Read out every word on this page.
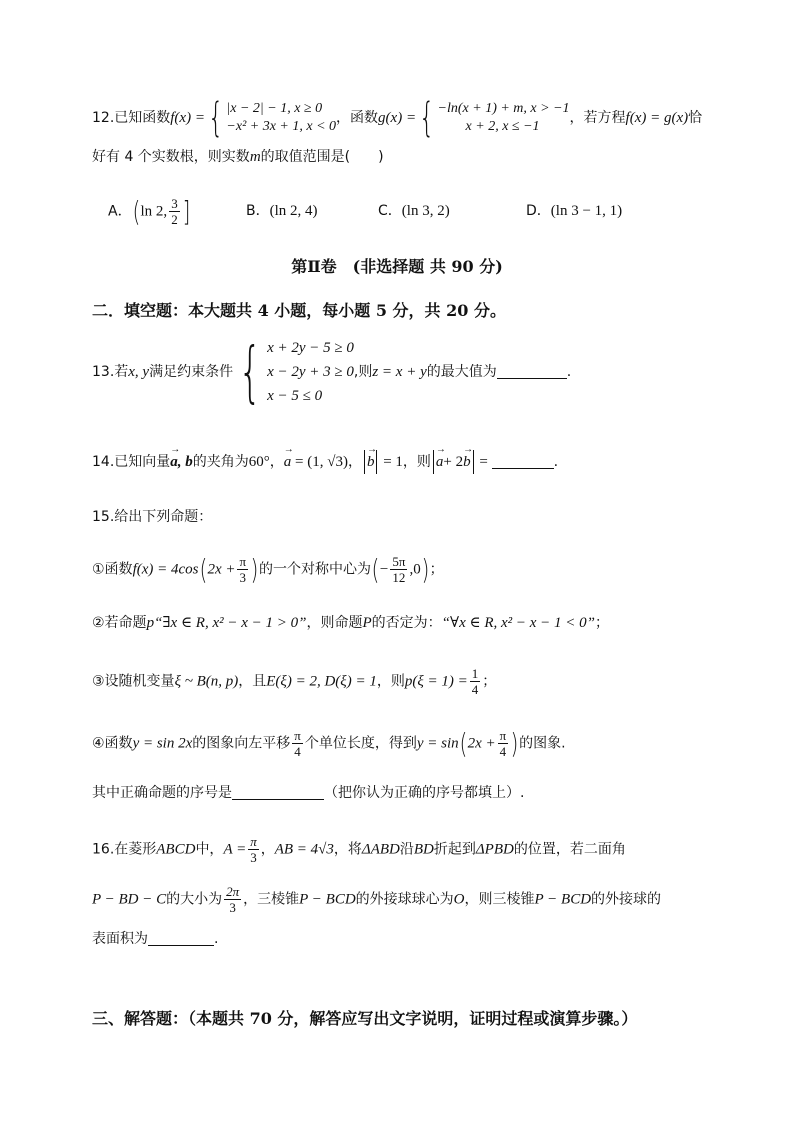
12.已知函数f(x) ={ |x − 2| − 1, x ≥ 0
−x² + 3x + 1, x < 0，函数g(x) ={ −ln(x + 1) + m, x > −1
x + 2, x ≤ −1，若方程f(x) = g(x)恰
好有 4 个实数根，则实数m的取值范围是(　　)
A．(ln 2, $\frac{3}{2}$ ]	B．(ln 2, 4)	C．(ln 3, 2)	D．(ln 3 − 1, 1)
第Ⅱ卷　(非选择题 共 90 分)
二．填空题：本大题共 4 小题，每小题 5 分，共 20 分。
13.若x, y满足约束条件{ x + 2y − 5 ≥ 0
x − 2y + 3 ≥ 0
x − 5 ≤ 0,则z = x + y的最大值为	.
14.已知向量→ a, b的夹角为60°，→ a = (1, √3)， → b = 1，则 → a+ 2→ b =	.
15.给出下列命题：
①函数$f(x) = 4\cos(2x + \frac{\pi}{3}$ )的一个对称中心为(− $\frac{5\pi}{12} ,0$)；
②若命题p“∃x ∈ R, x² − x − 1 > 0”，则命题P的否定为：“∀x ∈ R, x² − x − 1 < 0”；
③设随机变量ξ ~ B(n, p)，且E(ξ) = 2, D(ξ) = 1，则$p(\xi = 1) = \frac{1}{4}$ ；
④函数y = sin 2x的图象向左平移 $\frac{\pi}{4}$ 个单位长度，得到$y = \sin(2x + \frac{\pi}{4}$ )的图象.
其中正确命题的序号是	（把你认为正确的序号都填上）.
16.在菱形ABCD中，$A = \frac{\pi}{3}$ ，AB = 4√3，将ΔABD沿BD折起到ΔPBD的位置，若二面角
P − BD − C的大小为 $\frac{2\pi}{3}$ ，三棱锥P − BCD的外接球球心为O，则三棱锥P − BCD的外接球的
表面积为	.
三、解答题：（本题共 70 分，解答应写出文字说明，证明过程或演算步骤。）
